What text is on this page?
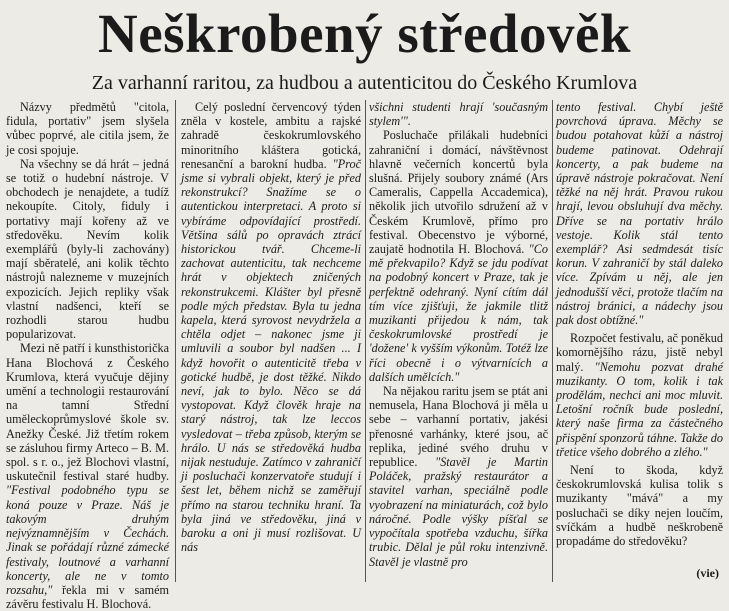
Neškrobený středověk
Za varhanní raritou, za hudbou a autenticitou do Českého Krumlova

Názvy předmětů "citola, fidula, portativ" jsem slyšela vůbec poprvé, ale citila jsem, že je cosi spojuje.

Na všechny se dá hrát – jedná se totiž o hudební nástroje. V obchodech je nenajdete, a tudíž nekoupíte. Citoly, fiduly i portativy mají kořeny až ve středověku. Nevím kolik exemplářů (byly-li zachovány) mají sběratelé, ani kolik těchto nástrojů nalezneme v muzejních expozicích. Jejich repliky však vlastní nadšenci, kteří se rozhodli starou hudbu popularizovat.

Mezi ně patří i kunsthistorička Hana Blochová z Českého Krumlova, která vyučuje dějiny umění a technologii restaurování na tamní Střední uměleckoprůmyslové škole sv. Anežky České. Již třetím rokem se zásluhou firmy Arteco – B. M. spol. s r. o., jež Blochovi vlastní, uskutečnil festival staré hudby. "Festival podobného typu se koná pouze v Praze. Náš je takovým druhým nejvýznamnějším v Čechách. Jinak se pořádají různé zámecké festivaly, loutnové a varhanní koncerty, ale ne v tomto rozsahu," řekla mi v samém závěru festivalu H. Blochová.

Celý poslední červencový týden zněla v kostele, ambitu a rajské zahradě českokrumlovského minoritního kláštera gotická, renesanční a barokní hudba. "Proč jsme si vybrali objekt, který je před rekonstrukcí? Snažíme se o autentickou interpretaci. A proto si vybíráme odpovídající prostředí. Většina sálů po opravách ztrácí historickou tvář. Chceme-li zachovat autenticitu, tak nechceme hrát v objektech zničených rekonstrukcemi. Klášter byl přesně podle mých představ. Byla tu jedna kapela, která syrovost nevydržela a chtěla odjet – nakonec jsme ji umluvili a soubor byl nadšen ... I když hovořit o autenticitě třeba v gotické hudbě, je dost těžké. Nikdo neví, jak to bylo. Něco se dá vystopovat. Když člověk hraje na starý nástroj, tak lze leccos vysledovat – třeba způsob, kterým se hrálo. U nás se středověká hudba nijak nestuduje. Zatímco v zahraničí ji posluchači konzervatoře studují i šest let, během nichž se zaměřují přímo na starou techniku hraní. Ta byla jiná ve středověku, jiná v baroku a oni ji musí rozlišovat. U nás

všichni studenti hrají 'současným stylem'".

Posluchače přilákali hudebníci zahraniční i domácí, návštěvnost hlavně večerních koncertů byla slušná. Přijely soubory známé (Ars Cameralis, Cappella Accademica), několik jich utvořilo sdružení až v Českém Krumlově, přímo pro festival. Obecenstvo je výborné, zaujatě hodnotila H. Blochová. "Co mě překvapilo? Když se jdu podívat na podobný koncert v Praze, tak je perfektně odehraný. Nyní cítím dál tím více zjišťuji, že jakmile tlitž muzikanti přijedou k nám, tak českokrumlovské prostředí je 'dožene' k vyšším výkonům. Totéž lze říci obecně i o výtvarnících a dalších umělcích."

Na nějakou raritu jsem se ptát ani nemusela, Hana Blochová ji měla u sebe – varhanní portativ, jakési přenosné varhánky, které jsou, ač replika, jediné svého druhu v republice. "Stavěl je Martin Poláček, pražský restaurátor a stavitel varhan, speciálně podle vyobrazení na miniaturách, což bylo náročné. Podle výšky píšťal se vypočítala spotřeba vzduchu, šířka trubic. Dělal je půl roku intenzivně. Stavěl je vlastně pro

tento festival. Chybí ještě povrchová úprava. Měchy se budou potahovat kůží a nástroj budeme patinovat. Odehrají koncerty, a pak budeme na úpravě nástroje pokračovat. Není těžké na něj hrát. Pravou rukou hrají, levou obsluhují dva měchy. Dříve se na portativ hrálo vestoje. Kolik stál tento exemplář? Asi sedmdesát tisíc korun. V zahraničí by stál daleko více. Zpívám u něj, ale jen jednodušší věci, protože tlačím na nástroj bránici, a nádechy jsou pak dost obtížné."

Rozpočet festivalu, ač poněkud komornějšího rázu, jistě nebyl malý. "Nemohu pozvat drahé muzikanty. O tom, kolik i tak prodělám, nechci ani moc mluvit. Letošní ročník bude poslední, který naše firma za částečného přispění sponzorů táhne. Takže do třetice všeho dobrého a zlého."

Není to škoda, když českokrumlovská kulisa tolik s muzikanty "mává" a my posluchači se díky nejen loučím, svíčkám a hudbě neškrobeně propadáme do středověku?

(vie)
